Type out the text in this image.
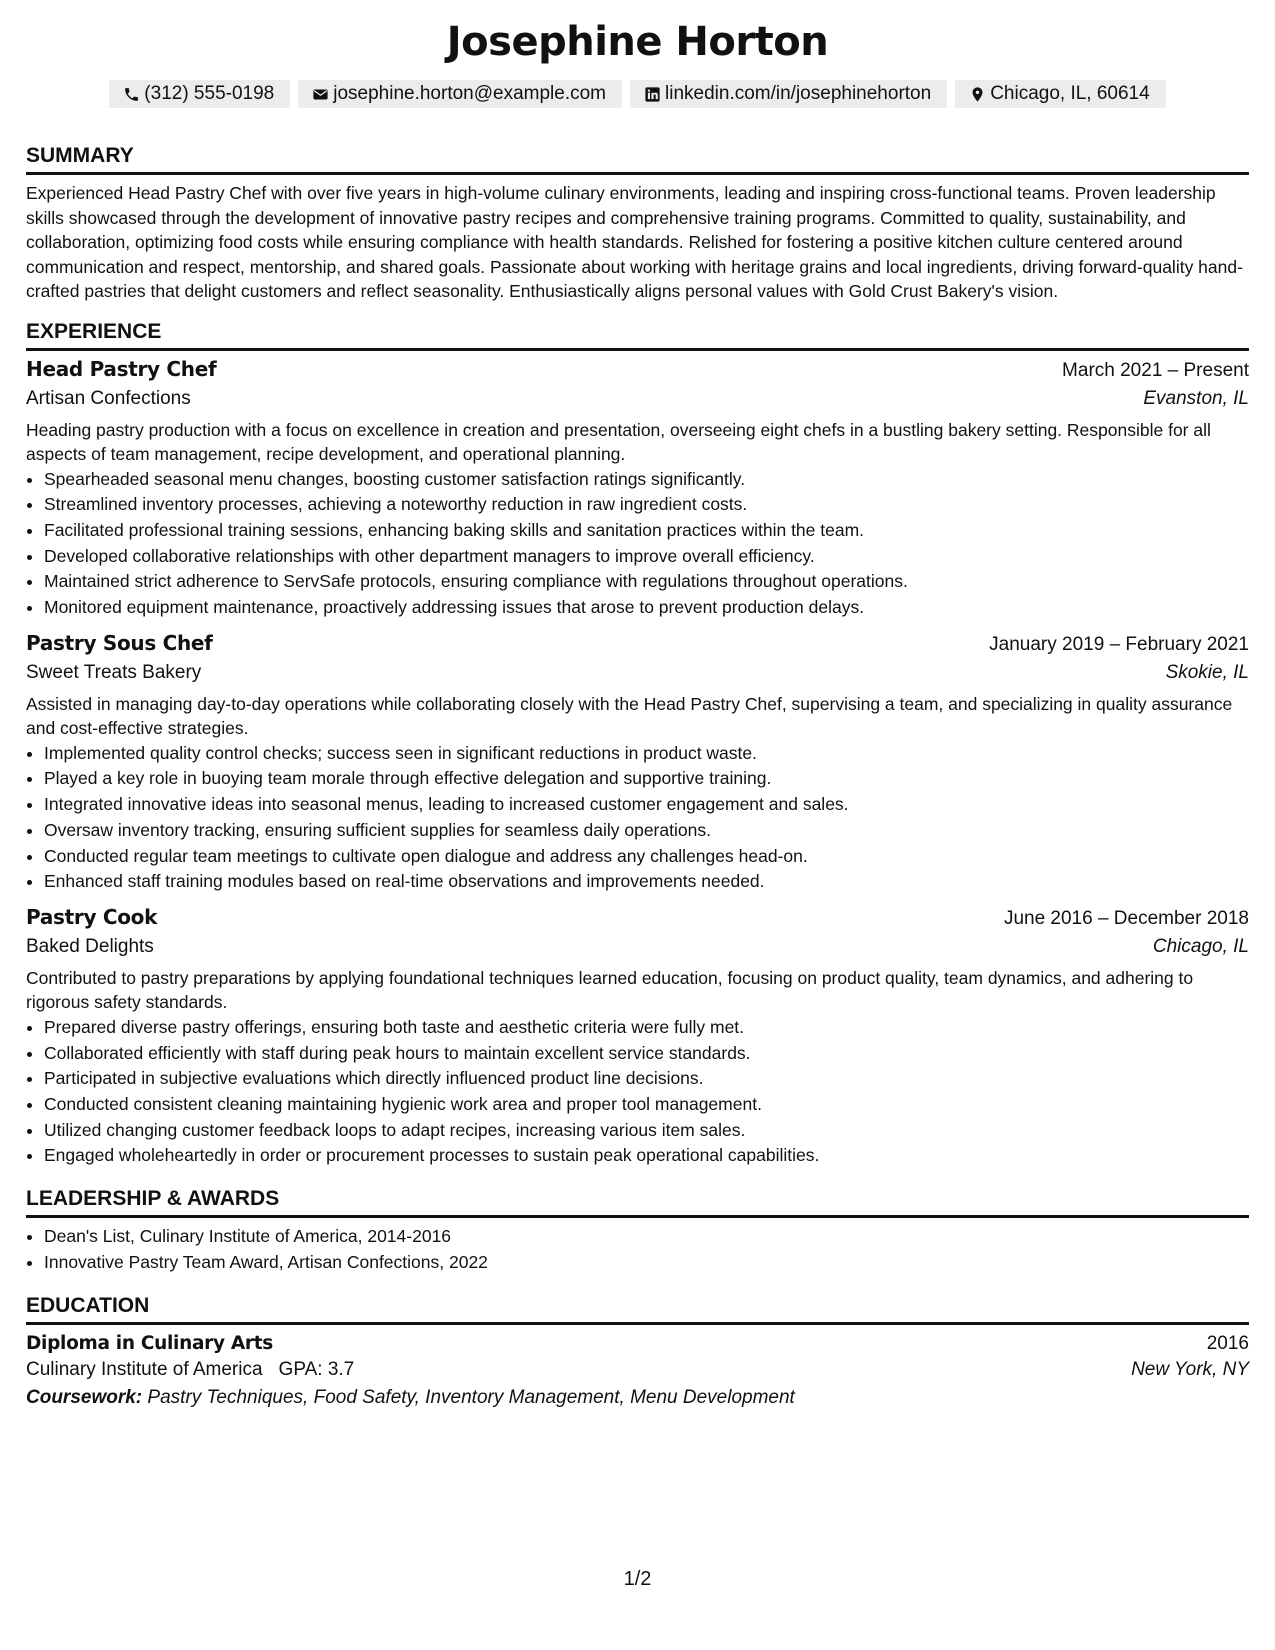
Josephine Horton
(312) 555-0198	josephine.horton@example.com	linkedin.com/in/josephinehorton	Chicago, IL, 60614
SUMMARY

Experienced Head Pastry Chef with over five years in high-volume culinary environments, leading and inspiring cross-functional teams. Proven leadership skills showcased through the development of innovative pastry recipes and comprehensive training programs. Committed to quality, sustainability, and collaboration, optimizing food costs while ensuring compliance with health standards. Relished for fostering a positive kitchen culture centered around communication and respect, mentorship, and shared goals. Passionate about working with heritage grains and local ingredients, driving forward-quality hand-crafted pastries that delight customers and reflect seasonality. Enthusiastically aligns personal values with Gold Crust Bakery's vision.

EXPERIENCE
Head Pastry Chef	March 2021 – Present
Artisan Confections	Evanston, IL

Heading pastry production with a focus on excellence in creation and presentation, overseeing eight chefs in a bustling bakery setting. Responsible for all aspects of team management, recipe development, and operational planning.

• Spearheaded seasonal menu changes, boosting customer satisfaction ratings significantly.
• Streamlined inventory processes, achieving a noteworthy reduction in raw ingredient costs.
• Facilitated professional training sessions, enhancing baking skills and sanitation practices within the team.
• Developed collaborative relationships with other department managers to improve overall efficiency.
• Maintained strict adherence to ServSafe protocols, ensuring compliance with regulations throughout operations.
• Monitored equipment maintenance, proactively addressing issues that arose to prevent production delays.
Pastry Sous Chef	January 2019 – February 2021
Sweet Treats Bakery	Skokie, IL

Assisted in managing day-to-day operations while collaborating closely with the Head Pastry Chef, supervising a team, and specializing in quality assurance and cost-effective strategies.

• Implemented quality control checks; success seen in significant reductions in product waste.
• Played a key role in buoying team morale through effective delegation and supportive training.
• Integrated innovative ideas into seasonal menus, leading to increased customer engagement and sales.
• Oversaw inventory tracking, ensuring sufficient supplies for seamless daily operations.
• Conducted regular team meetings to cultivate open dialogue and address any challenges head-on.
• Enhanced staff training modules based on real-time observations and improvements needed.
Pastry Cook	June 2016 – December 2018
Baked Delights	Chicago, IL

Contributed to pastry preparations by applying foundational techniques learned education, focusing on product quality, team dynamics, and adhering to rigorous safety standards.

• Prepared diverse pastry offerings, ensuring both taste and aesthetic criteria were fully met.
• Collaborated efficiently with staff during peak hours to maintain excellent service standards.
• Participated in subjective evaluations which directly influenced product line decisions.
• Conducted consistent cleaning maintaining hygienic work area and proper tool management.
• Utilized changing customer feedback loops to adapt recipes, increasing various item sales.
• Engaged wholeheartedly in order or procurement processes to sustain peak operational capabilities.
LEADERSHIP & AWARDS
• Dean's List, Culinary Institute of America, 2014-2016
• Innovative Pastry Team Award, Artisan Confections, 2022
EDUCATION
Diploma in Culinary Arts	2016
Culinary Institute of America GPA: 3.7	New York, NY
Coursework: Pastry Techniques, Food Safety, Inventory Management, Menu Development
1/2
